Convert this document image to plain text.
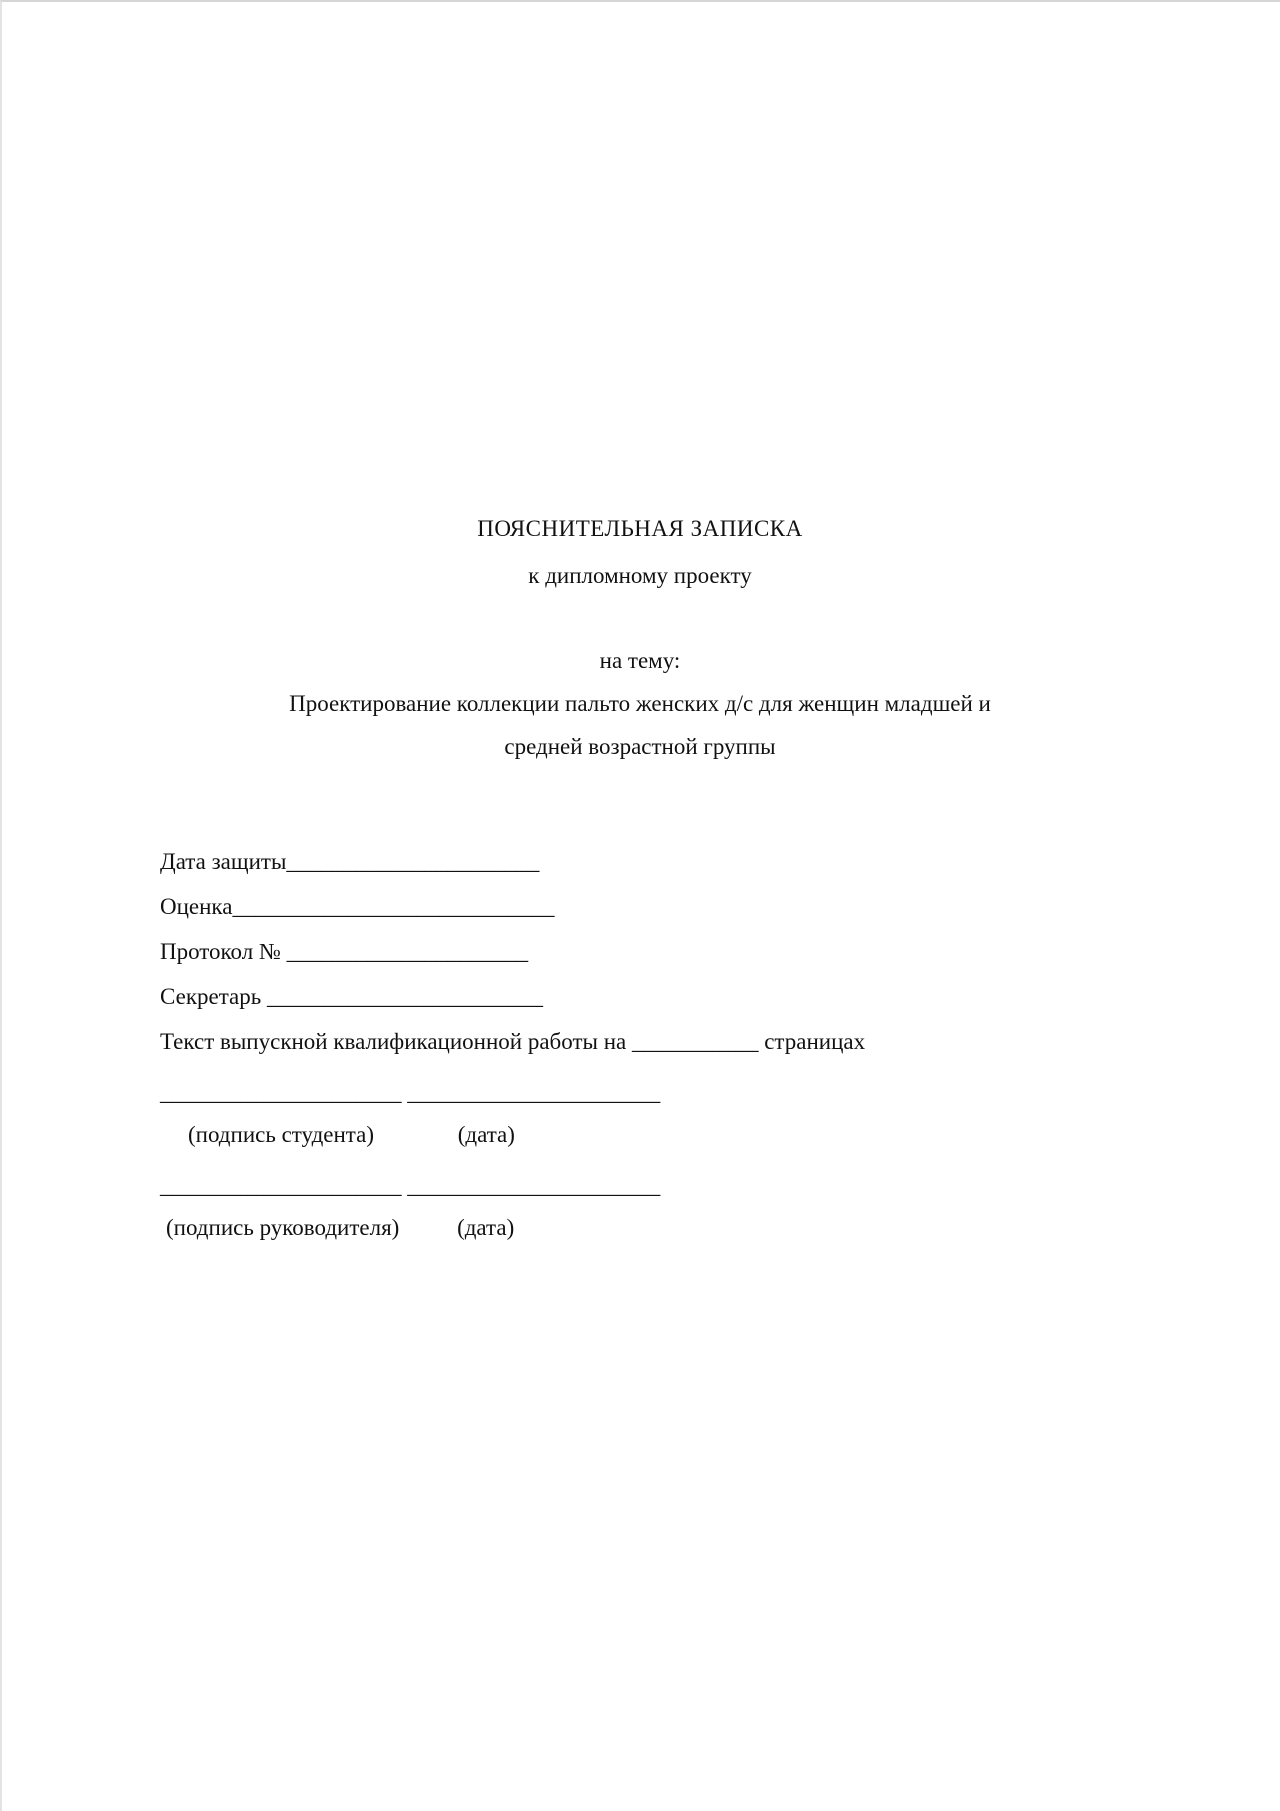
ПОЯСНИТЕЛЬНАЯ ЗАПИСКА
к дипломному проекту
на тему:
Проектирование коллекции пальто женских д/с для женщин младшей и
средней возрастной группы
Дата защиты______________________
Оценка____________________________
Протокол № _____________________
Секретарь ________________________
Текст выпускной квалификационной работы на ___________ страницах
_____________________ ______________________
(подпись студента)	(дата)
_____________________ ______________________
(подпись руководителя)	(дата)
